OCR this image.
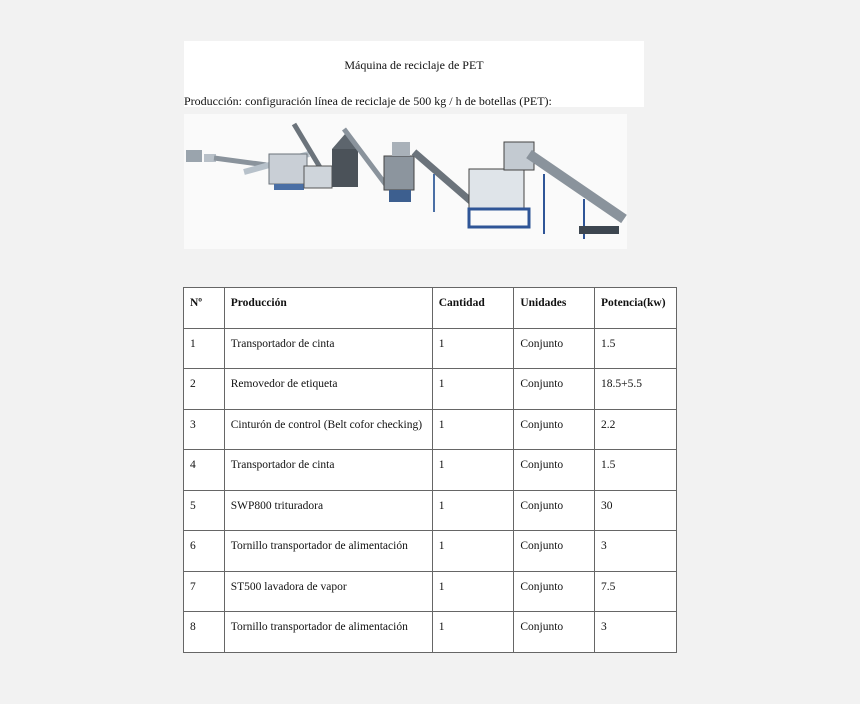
Máquina de reciclaje de PET
Producción: configuración línea de reciclaje de 500 kg / h de botellas (PET):
Nº	Producción	Cantidad	Unidades	Potencia(kw)
1	Transportador de cinta	1	Conjunto	1.5
2	Removedor de etiqueta	1	Conjunto	18.5+5.5
3	Cinturón de control (Belt cofor checking)	1	Conjunto	2.2
4	Transportador de cinta	1	Conjunto	1.5
5	SWP800 trituradora	1	Conjunto	30
6	Tornillo transportador de alimentación	1	Conjunto	3
7	ST500 lavadora de vapor	1	Conjunto	7.5
8	Tornillo transportador de alimentación	1	Conjunto	3
